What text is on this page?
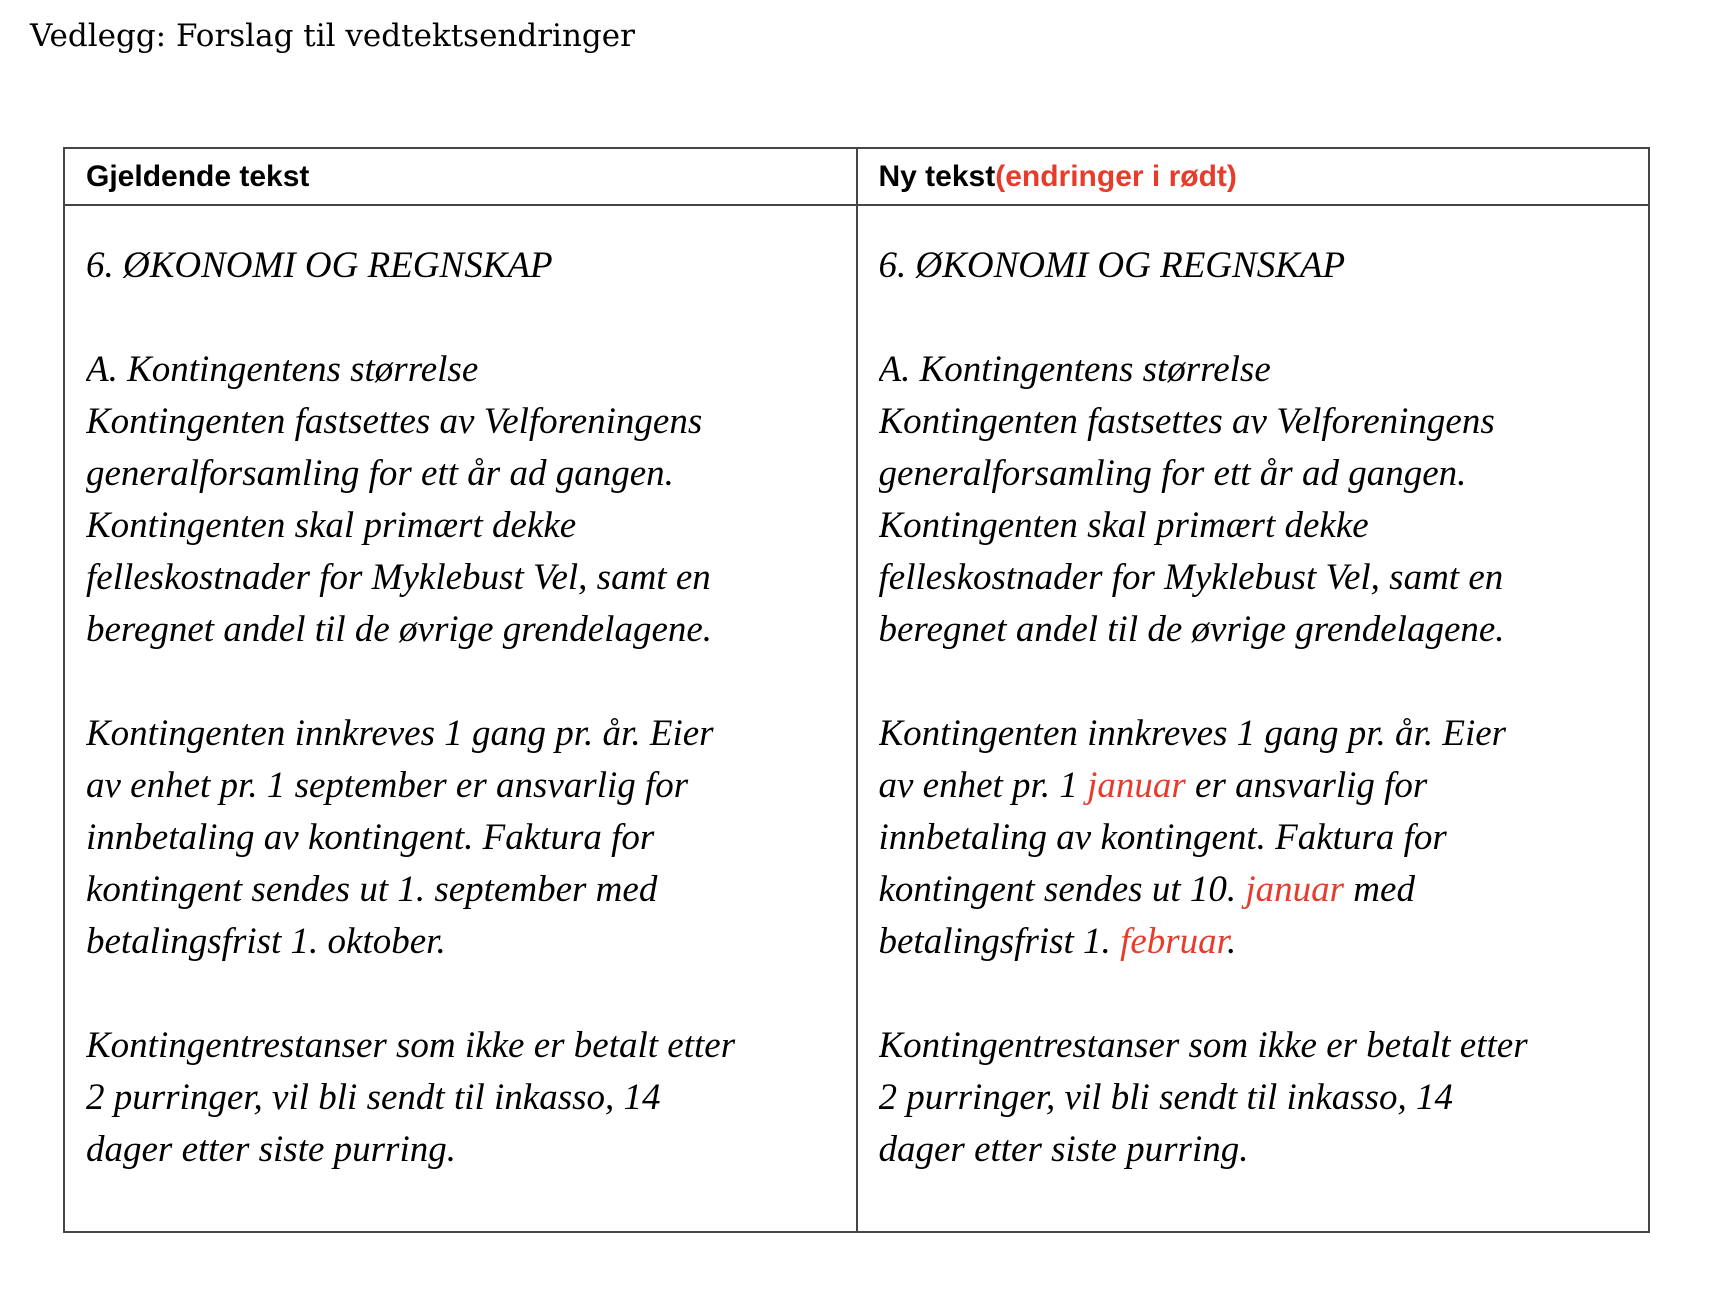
Vedlegg: Forslag til vedtektsendringer
Gjeldende tekst	Ny tekst (endringer i rødt)
6. ØKONOMI OG REGNSKAP

A. Kontingentens størrelse
Kontingenten fastsettes av Velforeningens
generalforsamling for ett år ad gangen.
Kontingenten skal primært dekke
felleskostnader for Myklebust Vel, samt en
beregnet andel til de øvrige grendelagene.

Kontingenten innkreves 1 gang pr. år. Eier
av enhet pr. 1 september er ansvarlig for
innbetaling av kontingent. Faktura for
kontingent sendes ut 1. september med
betalingsfrist 1. oktober.

Kontingentrestanser som ikke er betalt etter
2 purringer, vil bli sendt til inkasso, 14
dager etter siste purring.
6. ØKONOMI OG REGNSKAP

A. Kontingentens størrelse
Kontingenten fastsettes av Velforeningens
generalforsamling for ett år ad gangen.
Kontingenten skal primært dekke
felleskostnader for Myklebust Vel, samt en
beregnet andel til de øvrige grendelagene.

Kontingenten innkreves 1 gang pr. år. Eier
av enhet pr. 1 januar er ansvarlig for
innbetaling av kontingent. Faktura for
kontingent sendes ut 10. januar med
betalingsfrist 1. februar.

Kontingentrestanser som ikke er betalt etter
2 purringer, vil bli sendt til inkasso, 14
dager etter siste purring.
